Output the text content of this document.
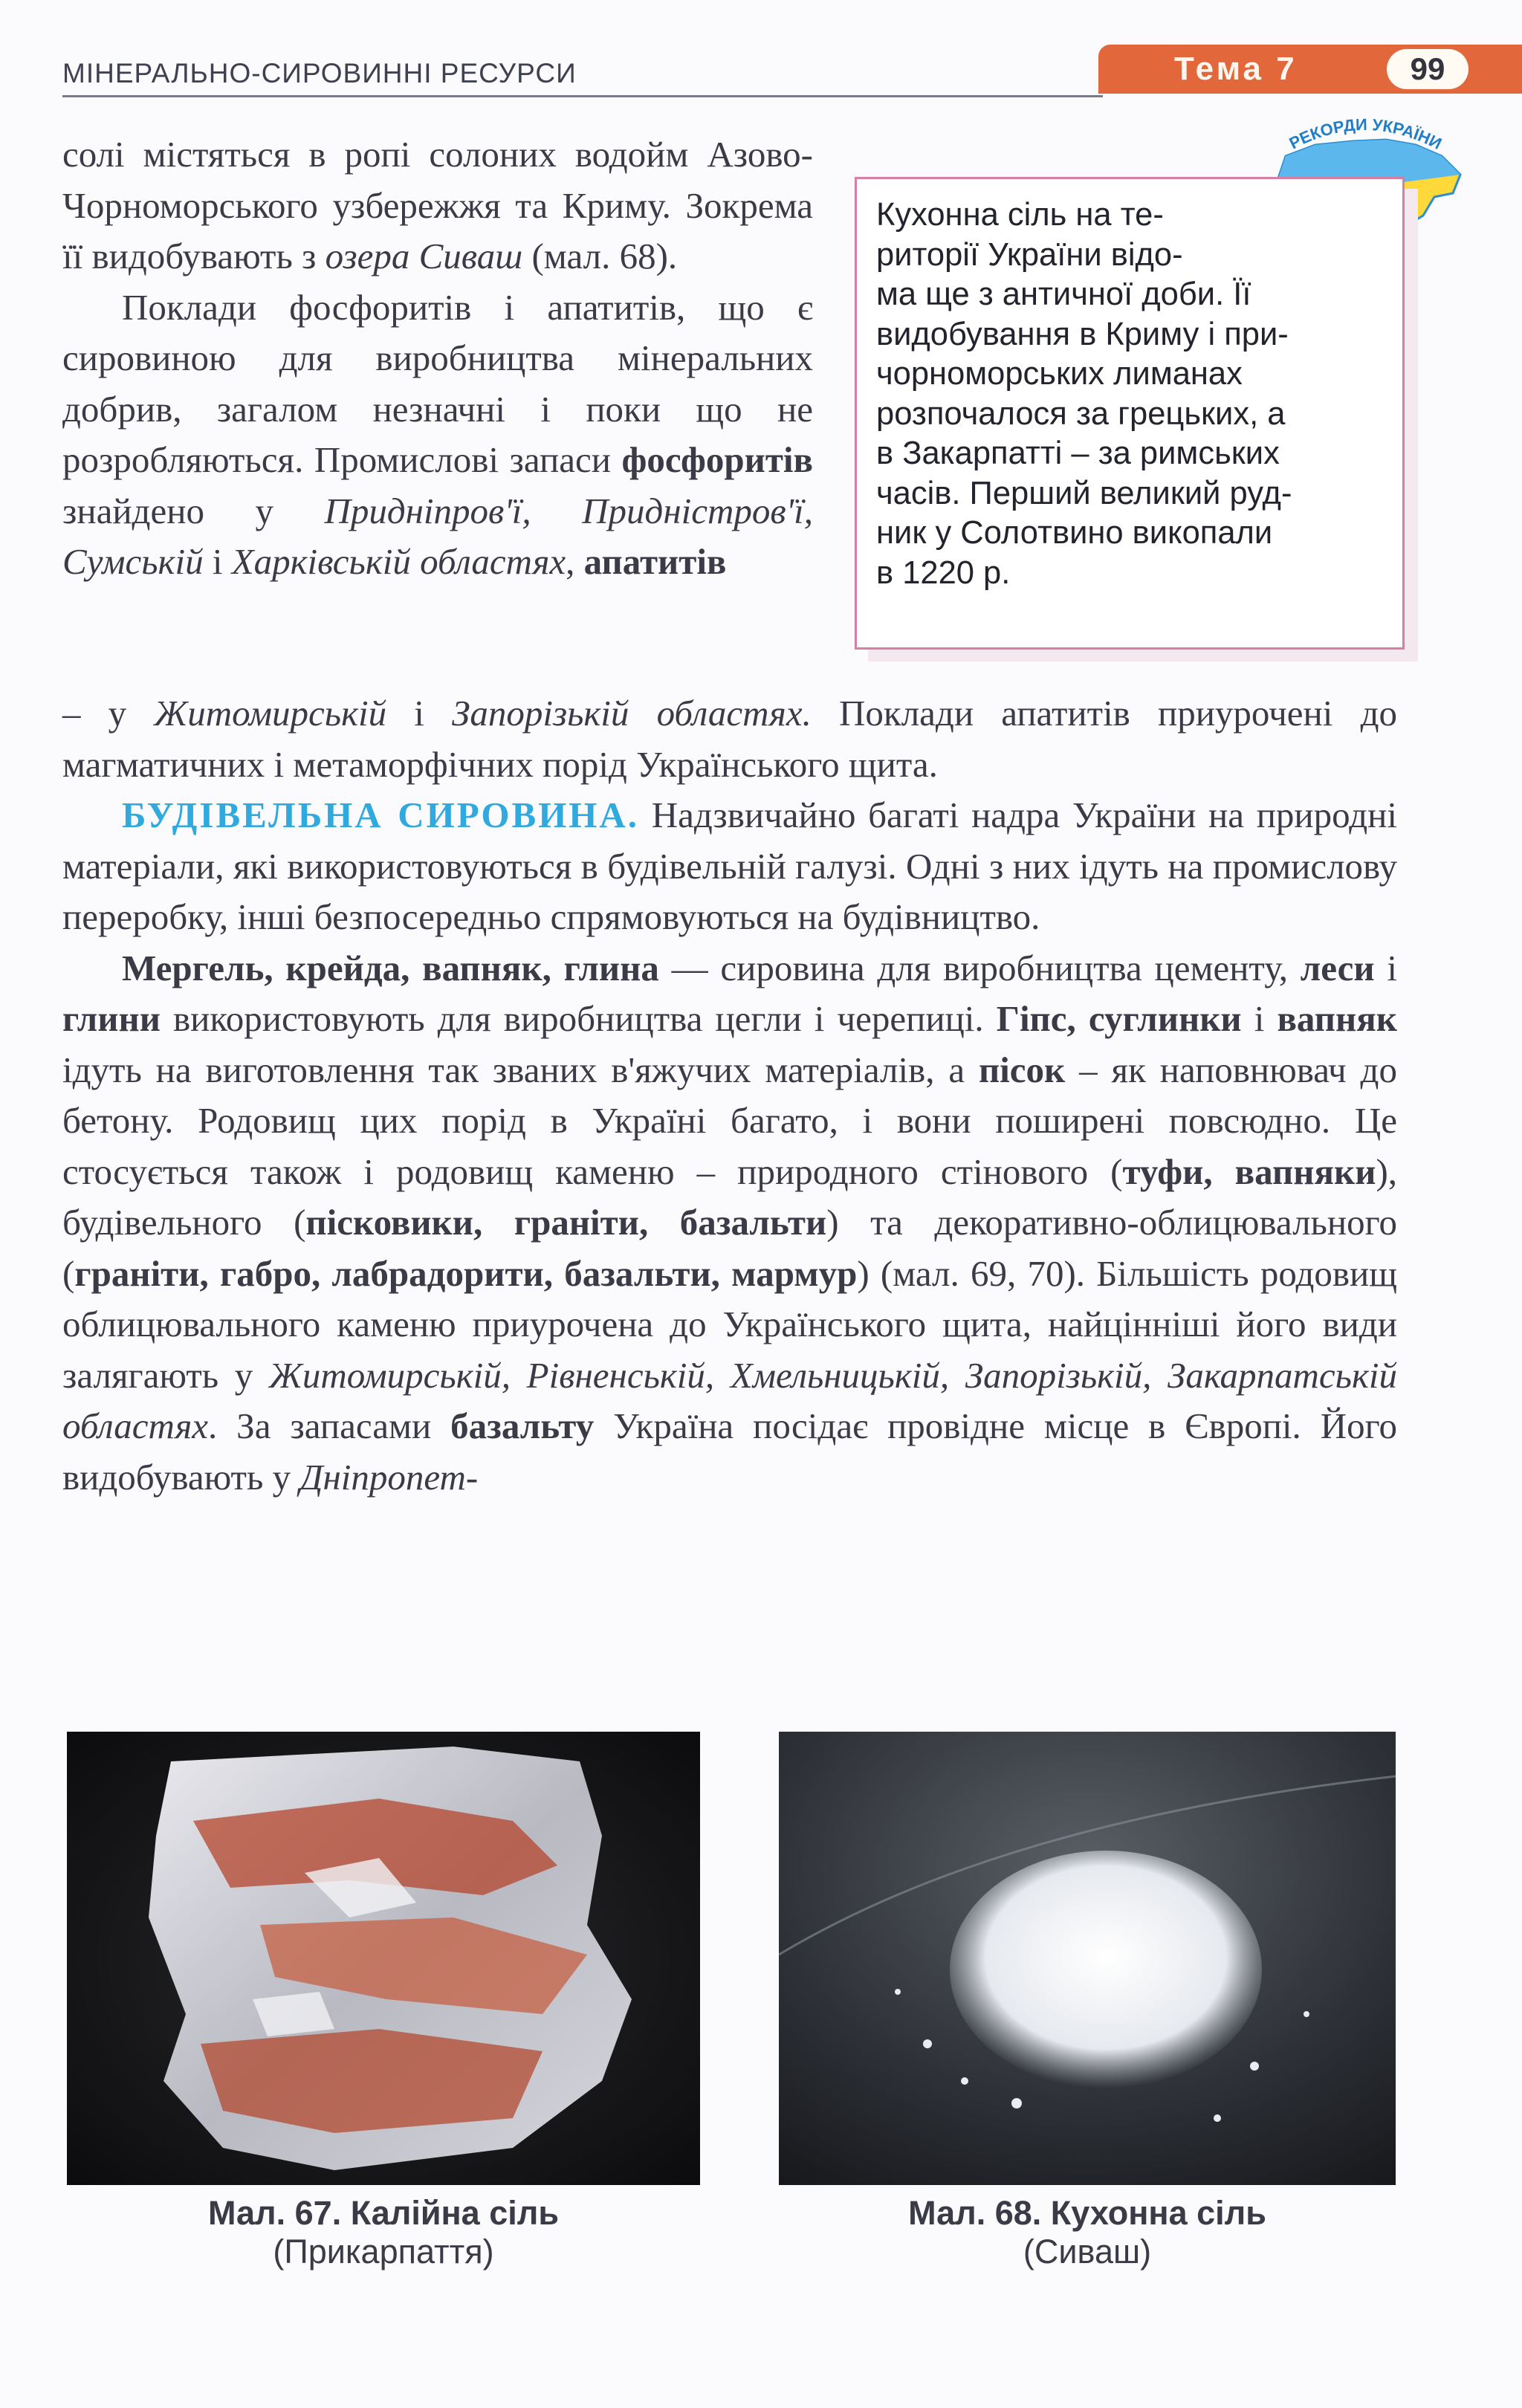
МІНЕРАЛЬНО-СИРОВИННІ РЕСУРСИ	Тема 7	99
РЕКОРДИ УКРАЇНИ
Кухонна сіль на те-
риторії України відо-
ма ще з античної доби. Її
видобування в Криму і при-
чорноморських лиманах
розпочалося за грецьких, а
в Закарпатті – за римських
часів. Перший великий руд-
ник у Солотвино викопали
в 1220 р.

солі містяться в ропі солоних водойм Азово-Чорноморського узбережжя та Криму. Зокрема її видобувають з озера Сиваш (мал. 68).

Поклади фосфоритів і апатитів, що є сировиною для виробництва мінеральних добрив, загалом незначні і поки що не розробляються. Промислові запаси фосфоритів знайдено у Придніпров'ї, Придністров'ї, Сумській і Харківській областях, апатитів

– у Житомирській і Запорізькій областях. Поклади апатитів приурочені до магматичних і метаморфічних порід Українського щита.

БУДІВЕЛЬНА СИРОВИНА. Надзвичайно багаті надра України на природні матеріали, які використовуються в будівельній галузі. Одні з них ідуть на промислову переробку, інші безпосередньо спрямовуються на будівництво.

Мергель, крейда, вапняк, глина — сировина для виробництва цементу, леси і глини використовують для виробництва цегли і черепиці. Гіпс, суглинки і вапняк ідуть на виготовлення так званих в'яжучих матеріалів, а пісок – як наповнювач до бетону. Родовищ цих порід в Україні багато, і вони поширені повсюдно. Це стосується також і родовищ каменю – природного стінового (туфи, вапняки), будівельного (пісковики, граніти, базальти) та декоративно-облицювального (граніти, габро, лабрадорити, базальти, мармур) (мал. 69, 70). Більшість родовищ облицювального каменю приурочена до Українського щита, найцінніші його види залягають у Житомирській, Рівненській, Хмельницькій, Запорізькій, Закарпатській областях. За запасами базальту Україна посідає провідне місце в Європі. Його видобувають у Дніпропет-

Мал. 67. Калійна сіль
(Прикарпаття)
Мал. 68. Кухонна сіль
(Сиваш)
